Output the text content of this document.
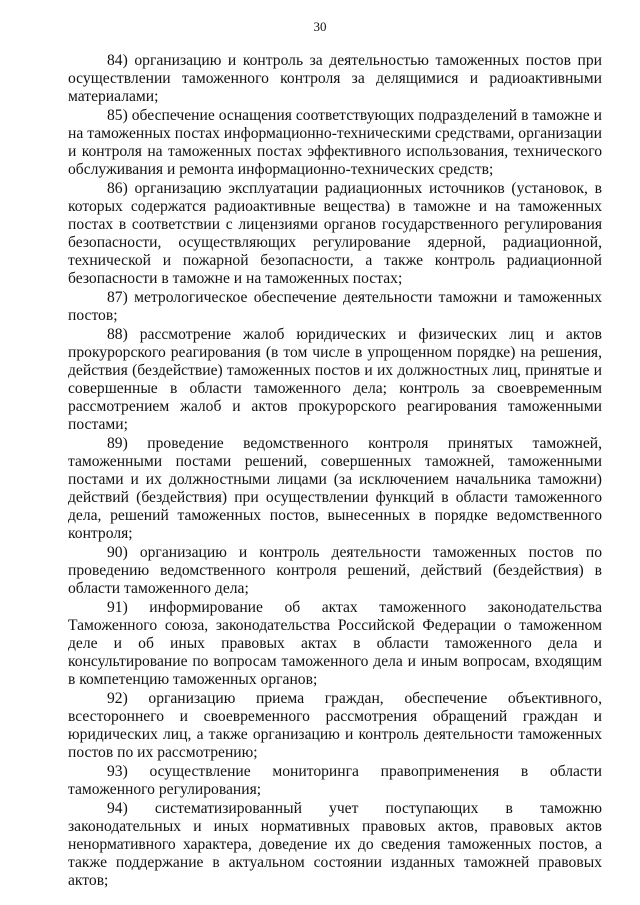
30

84) организацию и контроль за деятельностью таможенных постов при осуществлении таможенного контроля за делящимися и радиоактивными материалами;

85) обеспечение оснащения соответствующих подразделений в таможне и на таможенных постах информационно-техническими средствами, организации и контроля на таможенных постах эффективного использования, технического обслуживания и ремонта информационно-технических средств;

86) организацию эксплуатации радиационных источников (установок, в которых содержатся радиоактивные вещества) в таможне и на таможенных постах в соответствии с лицензиями органов государственного регулирования безопасности, осуществляющих регулирование ядерной, радиационной, технической и пожарной безопасности, а также контроль радиационной безопасности в таможне и на таможенных постах;

87) метрологическое обеспечение деятельности таможни и таможенных постов;

88) рассмотрение жалоб юридических и физических лиц и актов прокурорского реагирования (в том числе в упрощенном порядке) на решения, действия (бездействие) таможенных постов и их должностных лиц, принятые и совершенные в области таможенного дела; контроль за своевременным рассмотрением жалоб и актов прокурорского реагирования таможенными постами;

89) проведение ведомственного контроля принятых таможней, таможенными постами решений, совершенных таможней, таможенными постами и их должностными лицами (за исключением начальника таможни) действий (бездействия) при осуществлении функций в области таможенного дела, решений таможенных постов, вынесенных в порядке ведомственного контроля;

90) организацию и контроль деятельности таможенных постов по проведению ведомственного контроля решений, действий (бездействия) в области таможенного дела;

91) информирование об актах таможенного законодательства Таможенного союза, законодательства Российской Федерации о таможенном деле и об иных правовых актах в области таможенного дела и консультирование по вопросам таможенного дела и иным вопросам, входящим в компетенцию таможенных органов;

92) организацию приема граждан, обеспечение объективного, всестороннего и своевременного рассмотрения обращений граждан и юридических лиц, а также организацию и контроль деятельности таможенных постов по их рассмотрению;

93) осуществление мониторинга правоприменения в области таможенного регулирования;

94) систематизированный учет поступающих в таможню законодательных и иных нормативных правовых актов, правовых актов ненормативного характера, доведение их до сведения таможенных постов, а также поддержание в актуальном состоянии изданных таможней правовых актов;
